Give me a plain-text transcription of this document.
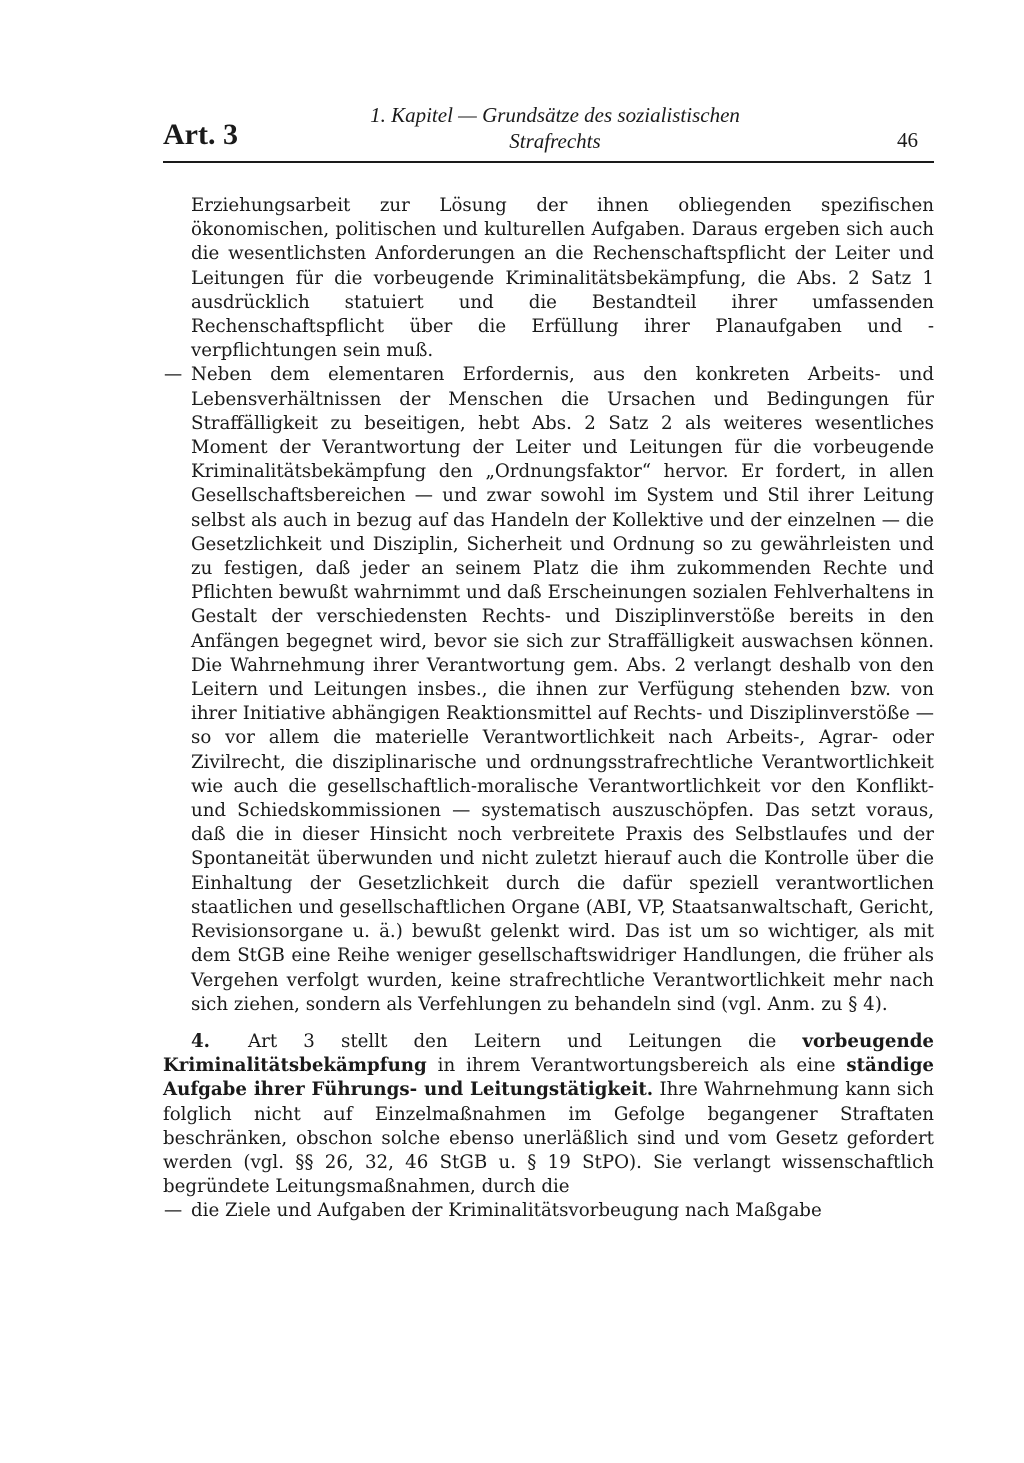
Art. 3
1. Kapitel — Grundsätze des sozialistischen
Strafrechts	46

Erziehungsarbeit zur Lösung der ihnen obliegenden spezifischen ökonomischen, politischen und kulturellen Aufgaben. Daraus ergeben sich auch die wesentlichsten Anforderungen an die Rechenschaftspflicht der Leiter und Leitungen für die vorbeugende Kriminalitätsbekämpfung, die Abs. 2 Satz 1 ausdrücklich statuiert und die Bestandteil ihrer umfassenden Rechenschaftspflicht über die Erfüllung ihrer Planaufgaben und -verpflichtungen sein muß.

— Neben dem elementaren Erfordernis, aus den konkreten Arbeits- und Lebensverhältnissen der Menschen die Ursachen und Bedingungen für Straffälligkeit zu beseitigen, hebt Abs. 2 Satz 2 als weiteres wesentliches Moment der Verantwortung der Leiter und Leitungen für die vorbeugende Kriminalitätsbekämpfung den „Ordnungsfaktor“ hervor. Er fordert, in allen Gesellschaftsbereichen — und zwar sowohl im System und Stil ihrer Leitung selbst als auch in bezug auf das Handeln der Kollektive und der einzelnen — die Gesetzlichkeit und Disziplin, Sicherheit und Ordnung so zu gewährleisten und zu festigen, daß jeder an seinem Platz die ihm zukommenden Rechte und Pflichten bewußt wahrnimmt und daß Erscheinungen sozialen Fehlverhaltens in Gestalt der verschiedensten Rechts- und Disziplinverstöße bereits in den Anfängen begegnet wird, bevor sie sich zur Straffälligkeit auswachsen können. Die Wahrnehmung ihrer Verantwortung gem. Abs. 2 verlangt deshalb von den Leitern und Leitungen insbes., die ihnen zur Verfügung stehenden bzw. von ihrer Initiative abhängigen Reaktionsmittel auf Rechts- und Disziplinverstöße — so vor allem die materielle Verantwortlichkeit nach Arbeits-, Agrar- oder Zivilrecht, die disziplinarische und ordnungsstrafrechtliche Verantwortlichkeit wie auch die gesellschaftlich-moralische Verantwortlichkeit vor den Konflikt- und Schiedskommissionen — systematisch auszuschöpfen. Das setzt voraus, daß die in dieser Hinsicht noch verbreitete Praxis des Selbstlaufes und der Spontaneität überwunden und nicht zuletzt hierauf auch die Kontrolle über die Einhaltung der Gesetzlichkeit durch die dafür speziell verantwortlichen staatlichen und gesellschaftlichen Organe (ABI, VP, Staatsanwaltschaft, Gericht, Revisionsorgane u. ä.) bewußt gelenkt wird. Das ist um so wichtiger, als mit dem StGB eine Reihe weniger gesellschaftswidriger Handlungen, die früher als Vergehen verfolgt wurden, keine strafrechtliche Verantwortlichkeit mehr nach sich ziehen, sondern als Verfehlungen zu behandeln sind (vgl. Anm. zu § 4).

4. Art 3 stellt den Leitern und Leitungen die vorbeugende Kriminalitätsbekämpfung in ihrem Verantwortungsbereich als eine ständige Aufgabe ihrer Führungs- und Leitungstätigkeit. Ihre Wahrnehmung kann sich folglich nicht auf Einzelmaßnahmen im Gefolge begangener Straftaten beschränken, obschon solche ebenso unerläßlich sind und vom Gesetz gefordert werden (vgl. §§ 26, 32, 46 StGB u. § 19 StPO). Sie verlangt wissenschaftlich begründete Leitungsmaßnahmen, durch die

— die Ziele und Aufgaben der Kriminalitätsvorbeugung nach Maßgabe
